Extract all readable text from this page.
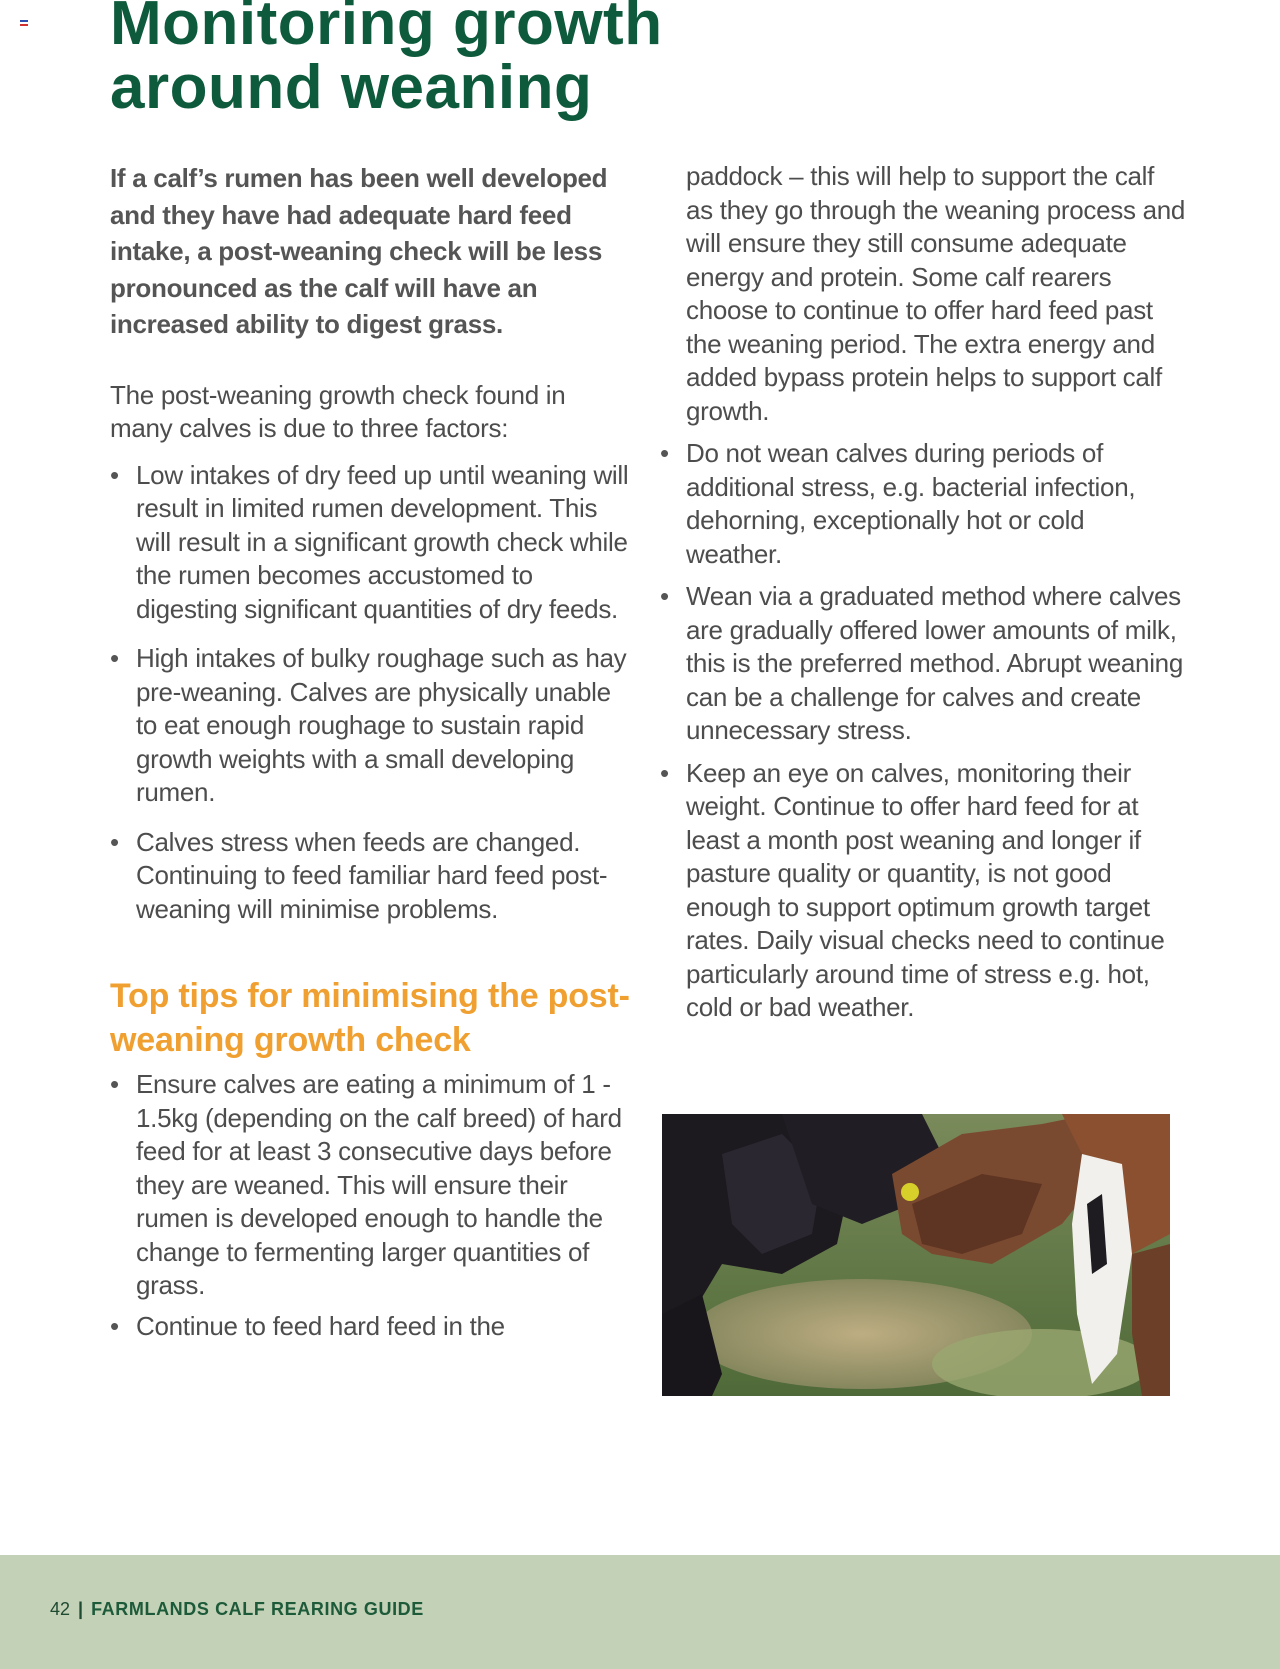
Monitoring growth
around weaning

If a calf’s rumen has been well developed and they have had adequate hard feed intake, a post-weaning check will be less pronounced as the calf will have an increased ability to digest grass.

The post-weaning growth check found in many calves is due to three factors:

• Low intakes of dry feed up until weaning will result in limited rumen development. This will result in a significant growth check while the rumen becomes accustomed to digesting significant quantities of dry feeds.
• High intakes of bulky roughage such as hay pre-weaning. Calves are physically unable to eat enough roughage to sustain rapid growth weights with a small developing rumen.
• Calves stress when feeds are changed. Continuing to feed familiar hard feed post-weaning will minimise problems.
Top tips for minimising the post-weaning growth check
• Ensure calves are eating a minimum of 1 - 1.5kg (depending on the calf breed) of hard feed for at least 3 consecutive days before they are weaned. This will ensure their rumen is developed enough to handle the change to fermenting larger quantities of grass.
• Continue to feed hard feed in the

paddock – this will help to support the calf as they go through the weaning process and will ensure they still consume adequate energy and protein. Some calf rearers choose to continue to offer hard feed past the weaning period. The extra energy and added bypass protein helps to support calf growth.

• Do not wean calves during periods of additional stress, e.g. bacterial infection, dehorning, exceptionally hot or cold weather.
• Wean via a graduated method where calves are gradually offered lower amounts of milk, this is the preferred method. Abrupt weaning can be a challenge for calves and create unnecessary stress.
• Keep an eye on calves, monitoring their weight. Continue to offer hard feed for at least a month post weaning and longer if pasture quality or quantity, is not good enough to support optimum growth target rates. Daily visual checks need to continue particularly around time of stress e.g. hot, cold or bad weather.
42 | FARMLANDS CALF REARING GUIDE
